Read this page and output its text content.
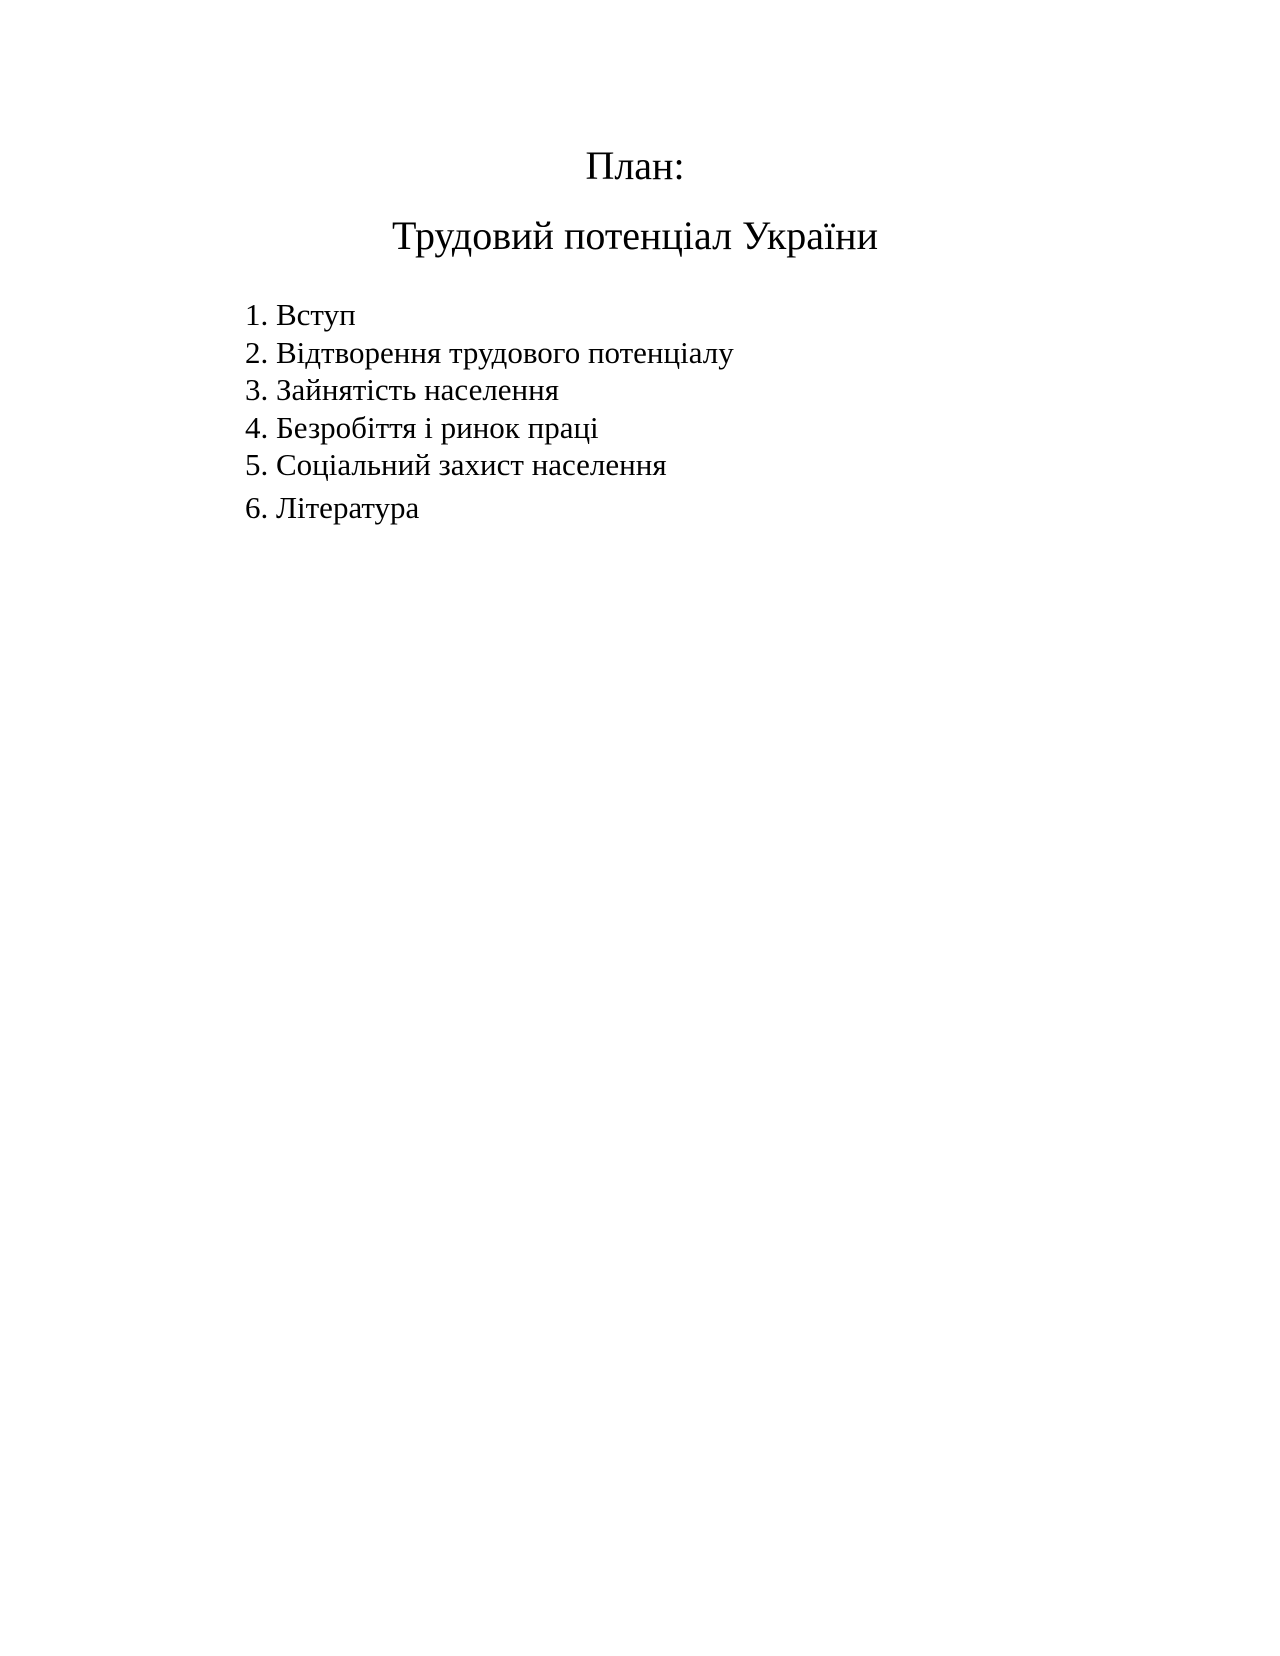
План:
Трудовий потенціал України
1. Вступ
2. Відтворення трудового потенціалу
3. Зайнятість населення
4. Безробіття і ринок праці
5. Соціальний захист населення
6. Література
